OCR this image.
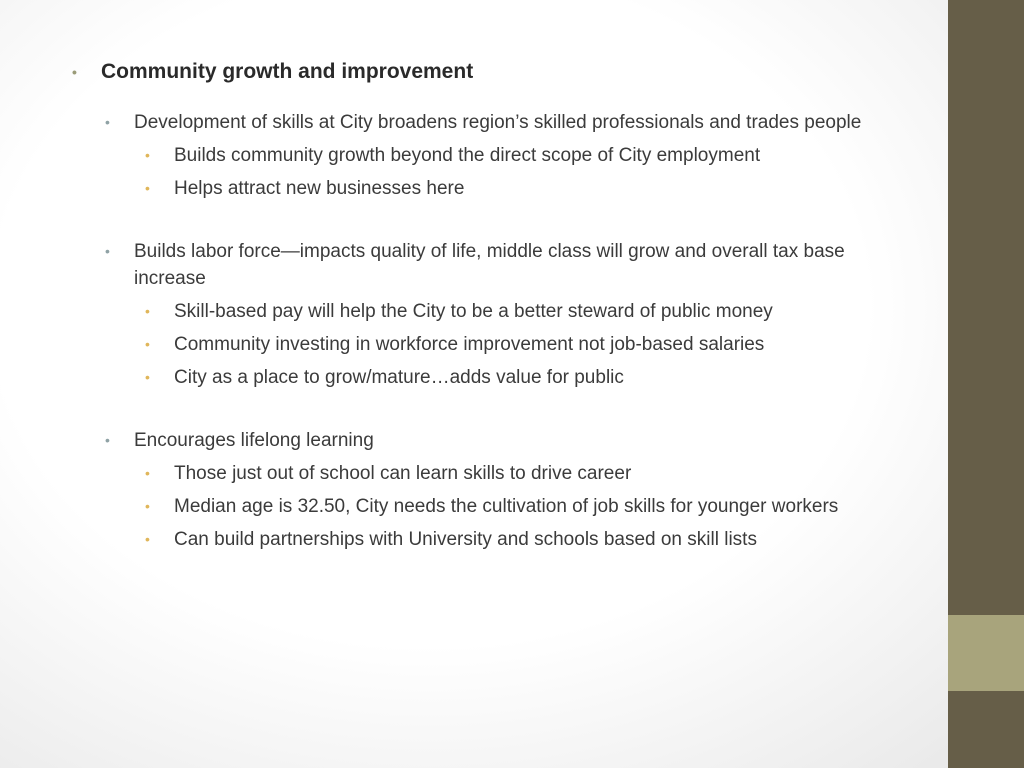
• Community growth and improvement
• Development of skills at City broadens region’s skilled professionals and trades people
• Builds community growth beyond the direct scope of City employment
• Helps attract new businesses here
• Builds labor force—impacts quality of life, middle class will grow and overall tax base increase
• Skill-based pay will help the City to be a better steward of public money
• Community investing in workforce improvement not job-based salaries
• City as a place to grow/mature…adds value for public
• Encourages lifelong learning
• Those just out of school can learn skills to drive career
• Median age is 32.50, City needs the cultivation of job skills for younger workers
• Can build partnerships with University and schools based on skill lists
